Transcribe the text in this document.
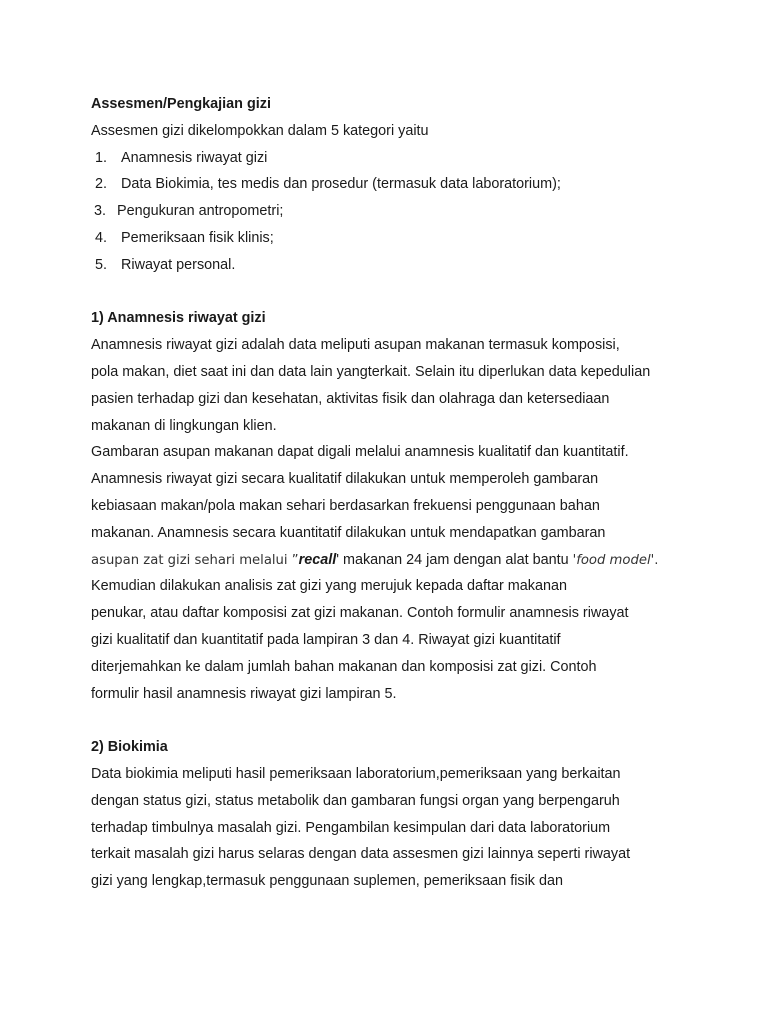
Assesmen/Pengkajian gizi
Assesmen gizi dikelompokkan dalam 5 kategori yaitu
1. Anamnesis riwayat gizi
2. Data Biokimia, tes medis dan prosedur (termasuk data laboratorium);
3. Pengukuran antropometri;
4. Pemeriksaan fisik klinis;
5. Riwayat personal.
1) Anamnesis riwayat gizi
Anamnesis riwayat gizi adalah data meliputi asupan makanan termasuk komposisi,
pola makan, diet saat ini dan data lain yangterkait. Selain itu diperlukan data kepedulian
pasien terhadap gizi dan kesehatan, aktivitas fisik dan olahraga dan ketersediaan
makanan di lingkungan klien.
Gambaran asupan makanan dapat digali melalui anamnesis kualitatif dan kuantitatif.
Anamnesis riwayat gizi secara kualitatif dilakukan untuk memperoleh gambaran
kebiasaan makan/pola makan sehari berdasarkan frekuensi penggunaan bahan
makanan. Anamnesis secara kuantitatif dilakukan untuk mendapatkan gambaran
asupan zat gizi sehari melalui ”recall' makanan 24 jam dengan alat bantu 'food model'.
Kemudian dilakukan analisis zat gizi yang merujuk kepada daftar makanan
penukar, atau daftar komposisi zat gizi makanan. Contoh formulir anamnesis riwayat
gizi kualitatif dan kuantitatif pada lampiran 3 dan 4. Riwayat gizi kuantitatif
diterjemahkan ke dalam jumlah bahan makanan dan komposisi zat gizi. Contoh
formulir hasil anamnesis riwayat gizi lampiran 5.
2) Biokimia
Data biokimia meliputi hasil pemeriksaan laboratorium,pemeriksaan yang berkaitan
dengan status gizi, status metabolik dan gambaran fungsi organ yang berpengaruh
terhadap timbulnya masalah gizi. Pengambilan kesimpulan dari data laboratorium
terkait masalah gizi harus selaras dengan data assesmen gizi lainnya seperti riwayat
gizi yang lengkap,termasuk penggunaan suplemen, pemeriksaan fisik dan
